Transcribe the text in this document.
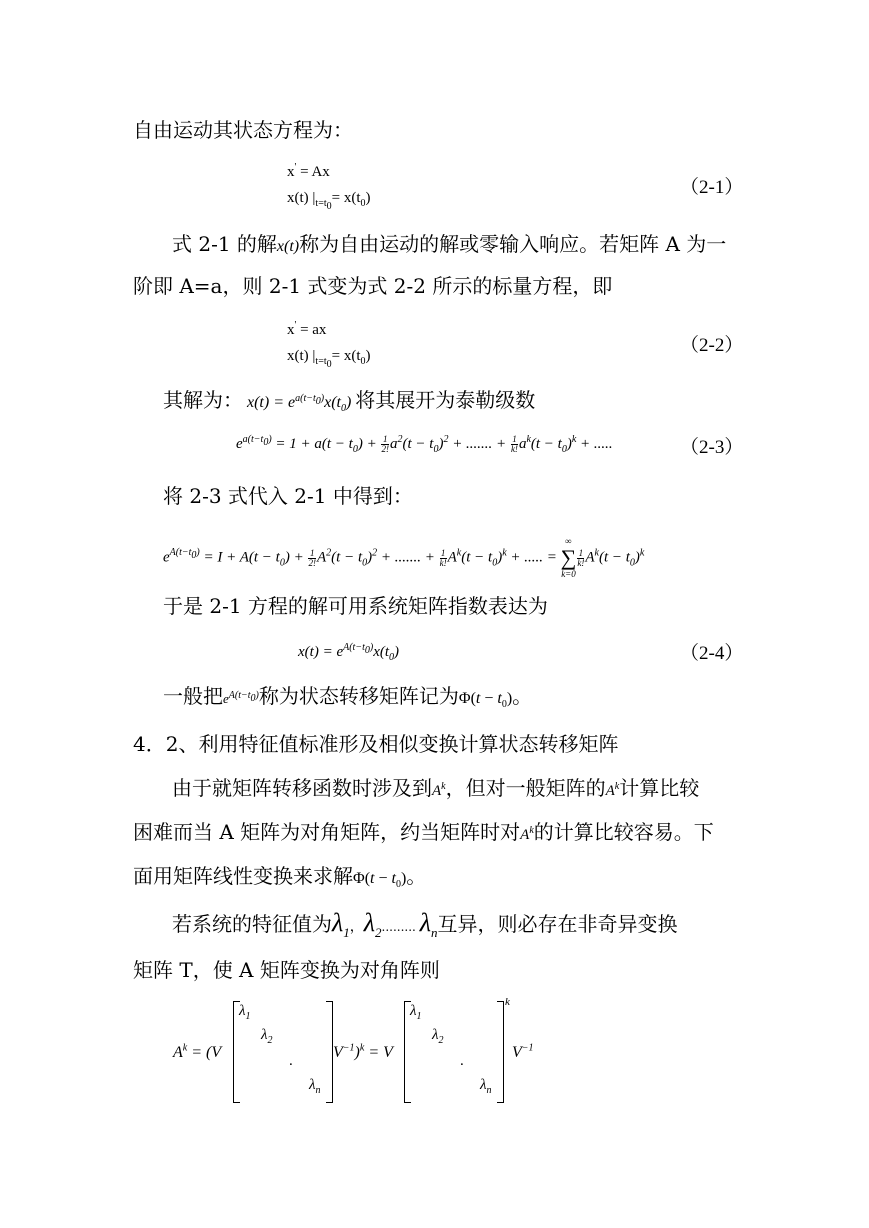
自由运动其状态方程为：
x' = Ax
x(t) $|_{t=t_0}= x(t_0)$	（2-1）
式 2-1 的解x(t)称为自由运动的解或零输入响应。若矩阵 A 为一
阶即 A=a，则 2-1 式变为式 2-2 所示的标量方程，即
x' = ax
x(t) $|_{t=t_0}= x(t_0)$	（2-2）
其解为： $x(t) = e^{a(t-t_0)}x(t_0)$ 将其展开为泰勒级数
$e^{a(t-t_0)} = 1 + a(t - t_0) + \frac{1}{2!} a^2(t - t_0)^2$ + ....... + $\frac{1}{k!} a^k(t - t_0)^k$ + .....	（2-3）
将 2-3 式代入 2-1 中得到：
$e^{A(t-t_0)} = I + A(t - t_0) + \frac{1}{2!} A^2(t - t_0)^2$ + ....... + $\frac{1}{k!} A^k(t - t_0)^k$ + ..... =
∞
∑
k=0
$\frac{1}{k!} A^k(t - t_0)^k$
于是 2-1 方程的解可用系统矩阵指数表达为
$x(t) = e^{A(t-t_0)}x(t_0)$	（2-4）
一般把$e^{A(t-t_0)}$称为状态转移矩阵记为$\Phi(t - t_0)$。
4．2、利用特征值标准形及相似变换计算状态转移矩阵
由于就矩阵转移函数时涉及到$A^k$，但对一般矩阵的$A^k$计算比较
困难而当 A 矩阵为对角矩阵，约当矩阵时对$A^k$的计算比较容易。下
面用矩阵线性变换来求解$\Phi(t - t_0)$。
若系统的特征值为$\lambda_1$，$\lambda_2$......... $\lambda_n$互异，则必存在非奇异变换
矩阵 T，使 A 矩阵变换为对角阵则
$A^k = (V$
$\lambda_1$
$\lambda_2$
.
$\lambda_n$
$V^{-1})^k = V$
$\lambda_1$
$\lambda_2$
.
$\lambda_n$
k
$V^{-1}$
